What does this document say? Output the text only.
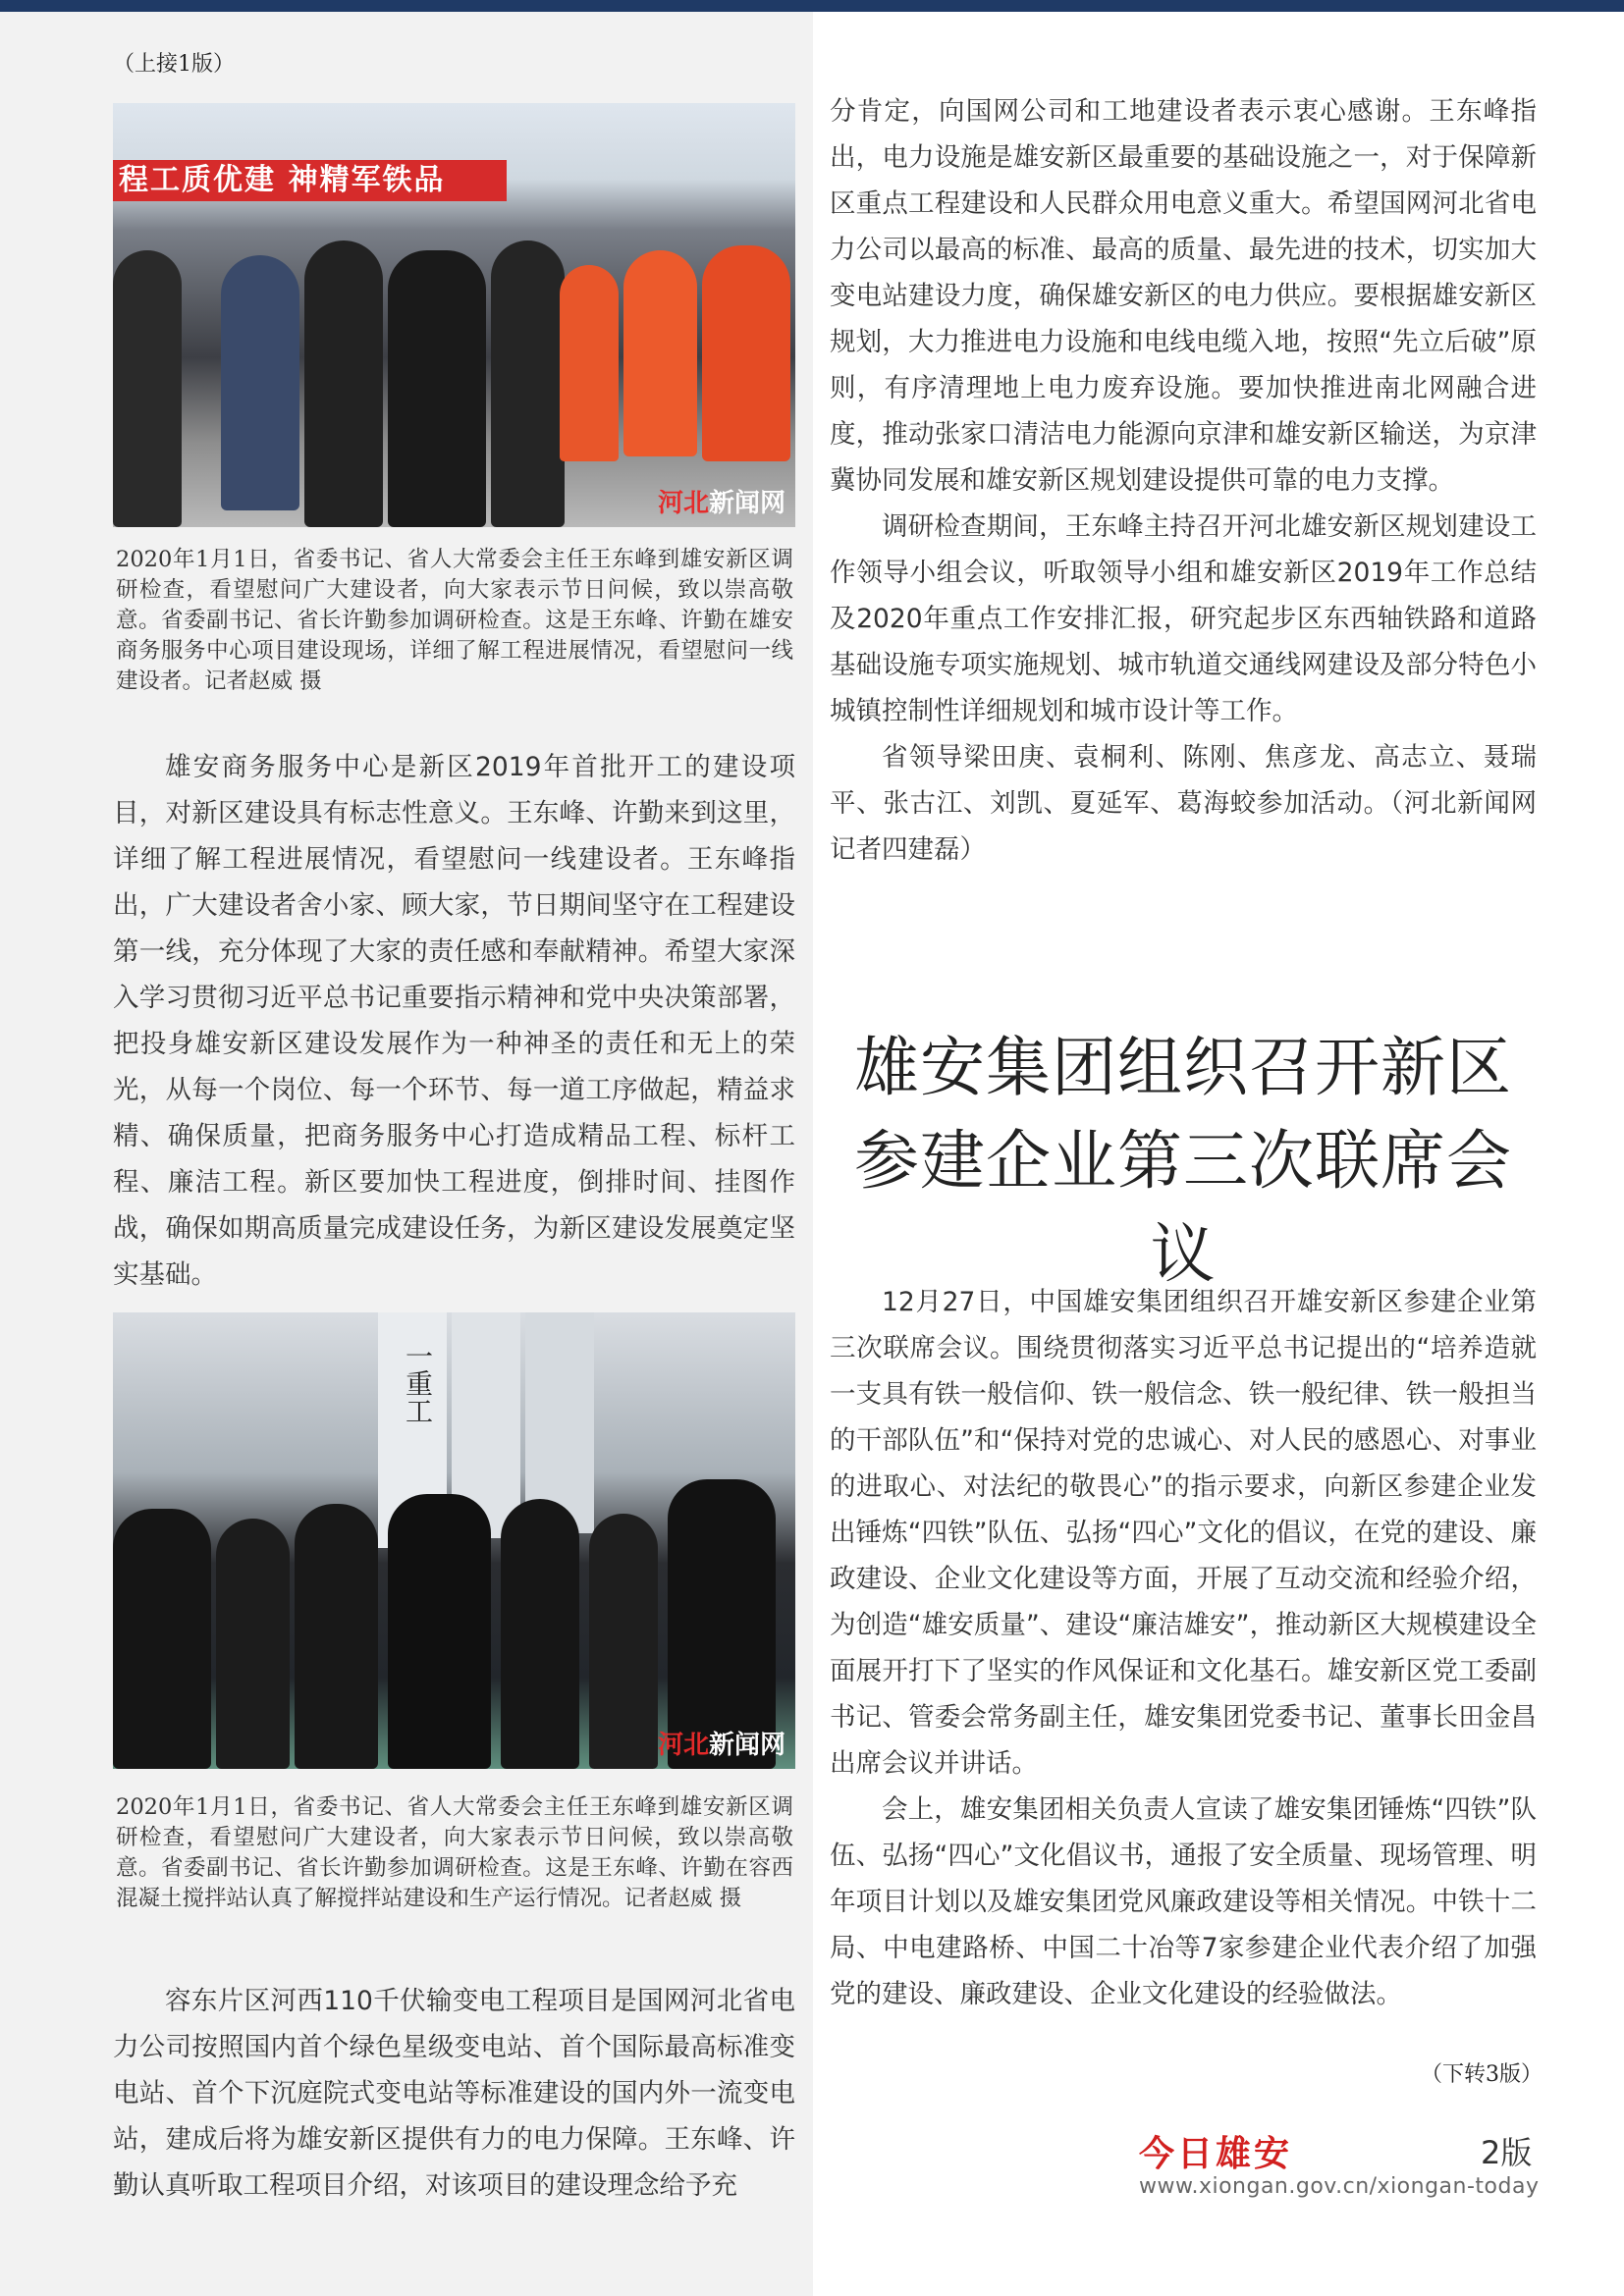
（上接1版）
程工质优建 神精军铁品
河北新闻网
2020年1月1日，省委书记、省人大常委会主任王东峰到雄安新区调研检查，看望慰问广大建设者，向大家表示节日问候，致以崇高敬意。省委副书记、省长许勤参加调研检查。这是王东峰、许勤在雄安商务服务中心项目建设现场，详细了解工程进展情况，看望慰问一线建设者。记者赵威 摄

雄安商务服务中心是新区2019年首批开工的建设项目，对新区建设具有标志性意义。王东峰、许勤来到这里，详细了解工程进展情况，看望慰问一线建设者。王东峰指出，广大建设者舍小家、顾大家，节日期间坚守在工程建设第一线，充分体现了大家的责任感和奉献精神。希望大家深入学习贯彻习近平总书记重要指示精神和党中央决策部署，把投身雄安新区建设发展作为一种神圣的责任和无上的荣光，从每一个岗位、每一个环节、每一道工序做起，精益求精、确保质量，把商务服务中心打造成精品工程、标杆工程、廉洁工程。新区要加快工程进度，倒排时间、挂图作战，确保如期高质量完成建设任务，为新区建设发展奠定坚实基础。

一重工
河北新闻网
2020年1月1日，省委书记、省人大常委会主任王东峰到雄安新区调研检查，看望慰问广大建设者，向大家表示节日问候，致以崇高敬意。省委副书记、省长许勤参加调研检查。这是王东峰、许勤在容西混凝土搅拌站认真了解搅拌站建设和生产运行情况。记者赵威 摄

容东片区河西110千伏输变电工程项目是国网河北省电力公司按照国内首个绿色星级变电站、首个国际最高标准变电站、首个下沉庭院式变电站等标准建设的国内外一流变电站，建成后将为雄安新区提供有力的电力保障。王东峰、许勤认真听取工程项目介绍，对该项目的建设理念给予充

分肯定，向国网公司和工地建设者表示衷心感谢。王东峰指出，电力设施是雄安新区最重要的基础设施之一，对于保障新区重点工程建设和人民群众用电意义重大。希望国网河北省电力公司以最高的标准、最高的质量、最先进的技术，切实加大变电站建设力度，确保雄安新区的电力供应。要根据雄安新区规划，大力推进电力设施和电线电缆入地，按照“先立后破”原则，有序清理地上电力废弃设施。要加快推进南北网融合进度，推动张家口清洁电力能源向京津和雄安新区输送，为京津冀协同发展和雄安新区规划建设提供可靠的电力支撑。

调研检查期间，王东峰主持召开河北雄安新区规划建设工作领导小组会议，听取领导小组和雄安新区2019年工作总结及2020年重点工作安排汇报，研究起步区东西轴铁路和道路基础设施专项实施规划、城市轨道交通线网建设及部分特色小城镇控制性详细规划和城市设计等工作。

省领导梁田庚、袁桐利、陈刚、焦彦龙、高志立、聂瑞平、张古江、刘凯、夏延军、葛海蛟参加活动。（河北新闻网 记者四建磊）

雄安集团组织召开新区
参建企业第三次联席会议

12月27日，中国雄安集团组织召开雄安新区参建企业第三次联席会议。围绕贯彻落实习近平总书记提出的“培养造就一支具有铁一般信仰、铁一般信念、铁一般纪律、铁一般担当的干部队伍”和“保持对党的忠诚心、对人民的感恩心、对事业的进取心、对法纪的敬畏心”的指示要求，向新区参建企业发出锤炼“四铁”队伍、弘扬“四心”文化的倡议，在党的建设、廉政建设、企业文化建设等方面，开展了互动交流和经验介绍，为创造“雄安质量”、建设“廉洁雄安”，推动新区大规模建设全面展开打下了坚实的作风保证和文化基石。雄安新区党工委副书记、管委会常务副主任，雄安集团党委书记、董事长田金昌出席会议并讲话。

会上，雄安集团相关负责人宣读了雄安集团锤炼“四铁”队伍、弘扬“四心”文化倡议书，通报了安全质量、现场管理、明年项目计划以及雄安集团党风廉政建设等相关情况。中铁十二局、中电建路桥、中国二十冶等7家参建企业代表介绍了加强党的建设、廉政建设、企业文化建设的经验做法。

（下转3版）
今日雄安	2版
www.xiongan.gov.cn/xiongan-today
